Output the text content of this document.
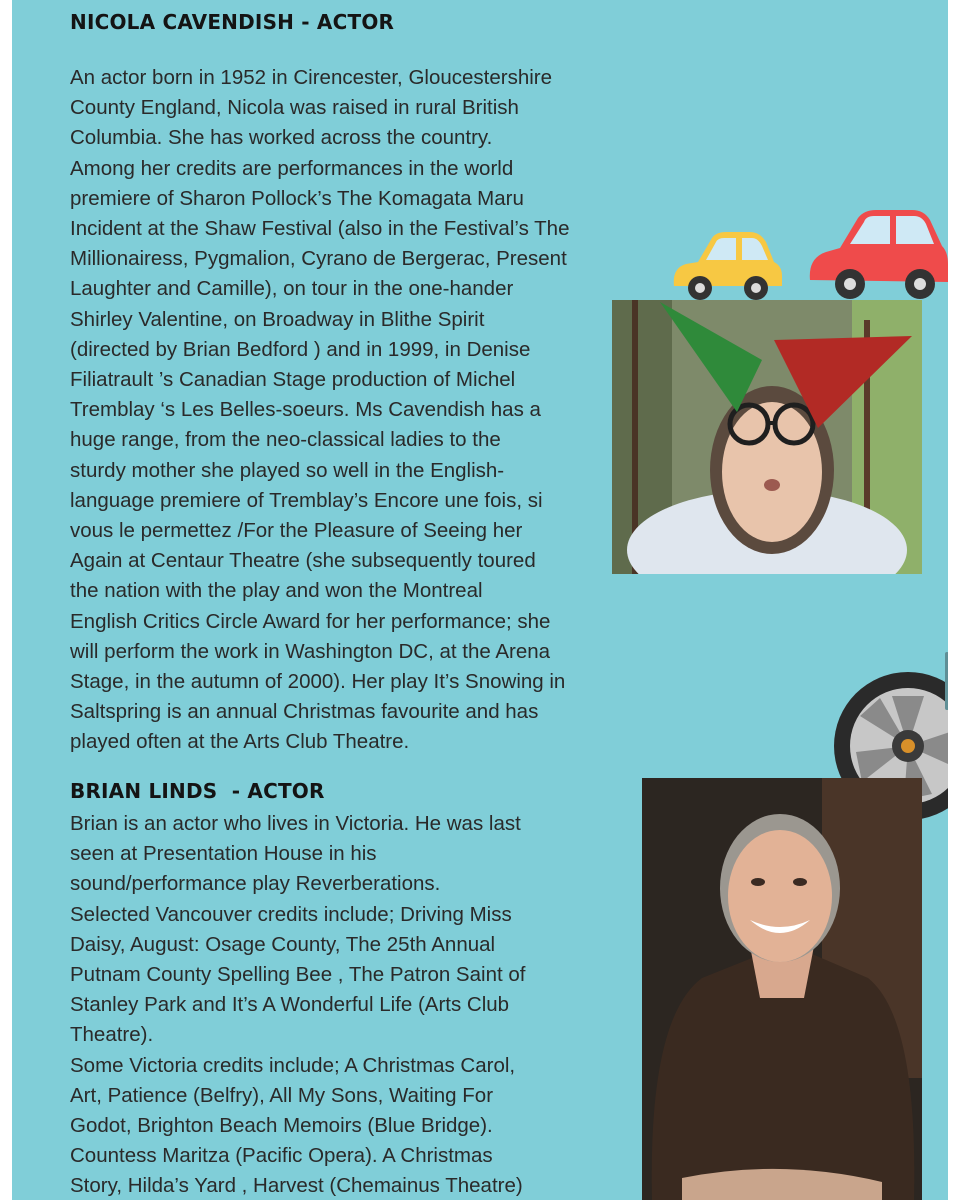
NICOLA CAVENDISH - ACTOR
An actor born in 1952 in Cirencester, Gloucestershire
County England, Nicola was raised in rural British
Columbia. She has worked across the country.
Among her credits are performances in the world
premiere of Sharon Pollock’s The Komagata Maru
Incident at the Shaw Festival (also in the Festival’s The
Millionairess, Pygmalion, Cyrano de Bergerac, Present
Laughter and Camille), on tour in the one-hander
Shirley Valentine, on Broadway in Blithe Spirit
(directed by Brian Bedford ) and in 1999, in Denise
Filiatrault ’s Canadian Stage production of Michel
Tremblay ‘s Les Belles-soeurs. Ms Cavendish has a
huge range, from the neo-classical ladies to the
sturdy mother she played so well in the English-
language premiere of Tremblay’s Encore une fois, si
vous le permettez /For the Pleasure of Seeing her
Again at Centaur Theatre (she subsequently toured
the nation with the play and won the Montreal
English Critics Circle Award for her performance; she
will perform the work in Washington DC, at the Arena
Stage, in the autumn of 2000). Her play It’s Snowing in
Saltspring is an annual Christmas favourite and has
played often at the Arts Club Theatre.
BRIAN LINDS  - ACTOR
Brian is an actor who lives in Victoria. He was last
seen at Presentation House in his
sound/performance play Reverberations.
Selected Vancouver credits include; Driving Miss
Daisy, August: Osage County, The 25th Annual
Putnam County Spelling Bee , The Patron Saint of
Stanley Park and It’s A Wonderful Life (Arts Club
Theatre).
Some Victoria credits include; A Christmas Carol,
Art, Patience (Belfry), All My Sons, Waiting For
Godot, Brighton Beach Memoirs (Blue Bridge).
Countess Maritza (Pacific Opera). A Christmas
Story, Hilda’s Yard , Harvest (Chemainus Theatre)
